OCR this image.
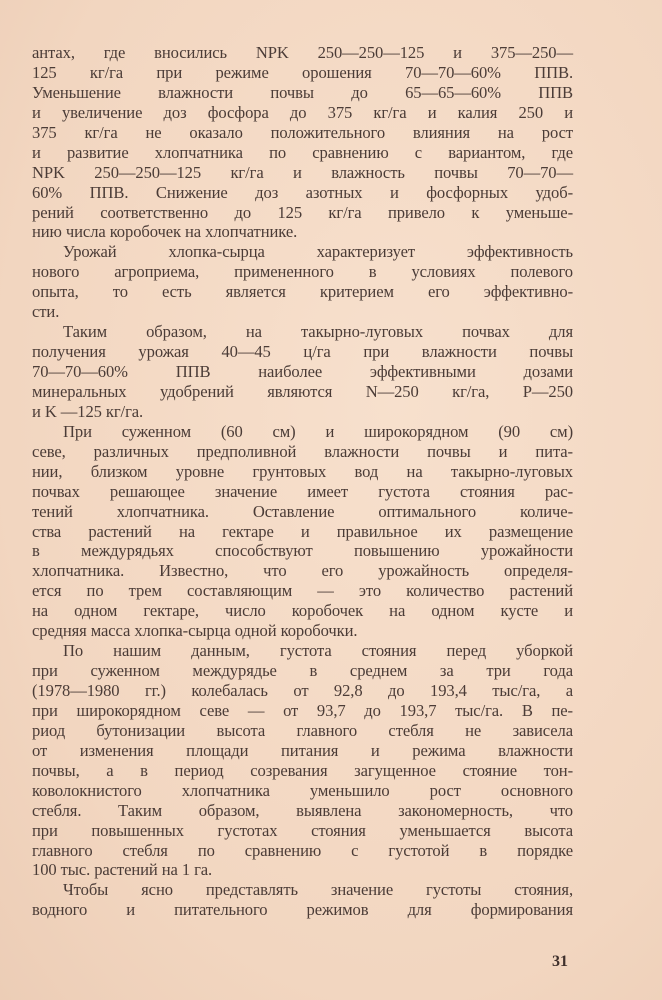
антах, где вносились NPK 250—250—125 и 375—250—
125 кг/га при режиме орошения 70—70—60% ППВ.
Уменьшение влажности почвы до 65—65—60% ППВ
и увеличение доз фосфора до 375 кг/га и калия 250 и
375 кг/га не оказало положительного влияния на рост
и развитие хлопчатника по сравнению с вариантом, где
NPK 250—250—125 кг/га и влажность почвы 70—70—
60% ППВ. Снижение доз азотных и фосфорных удоб-
рений соответственно до 125 кг/га привело к уменьше-
нию числа коробочек на хлопчатнике.
Урожай хлопка-сырца характеризует эффективность
нового агроприема, примененного в условиях полевого
опыта, то есть является критерием его эффективно-
сти.
Таким образом, на такырно-луговых почвах для
получения урожая 40—45 ц/га при влажности почвы
70—70—60% ППВ наиболее эффективными дозами
минеральных удобрений являются N—250 кг/га, P—250
и K —125 кг/га.
При суженном (60 см) и широкорядном (90 см)
севе, различных предполивной влажности почвы и пита-
нии, близком уровне грунтовых вод на такырно-луговых
почвах решающее значение имеет густота стояния рас-
тений хлопчатника. Оставление оптимального количе-
ства растений на гектаре и правильное их размещение
в междурядьях способствуют повышению урожайности
хлопчатника. Известно, что его урожайность определя-
ется по трем составляющим — это количество растений
на одном гектаре, число коробочек на одном кусте и
средняя масса хлопка-сырца одной коробочки.
По нашим данным, густота стояния перед уборкой
при суженном междурядье в среднем за три года
(1978—1980 гг.) колебалась от 92,8 до 193,4 тыс/га, а
при широкорядном севе — от 93,7 до 193,7 тыс/га. В пе-
риод бутонизации высота главного стебля не зависела
от изменения площади питания и режима влажности
почвы, а в период созревания загущенное стояние тон-
коволокнистого хлопчатника уменьшило рост основного
стебля. Таким образом, выявлена закономерность, что
при повышенных густотах стояния уменьшается высота
главного стебля по сравнению с густотой в порядке
100 тыс. растений на 1 га.
Чтобы ясно представлять значение густоты стояния,
водного и питательного режимов для формирования
31
